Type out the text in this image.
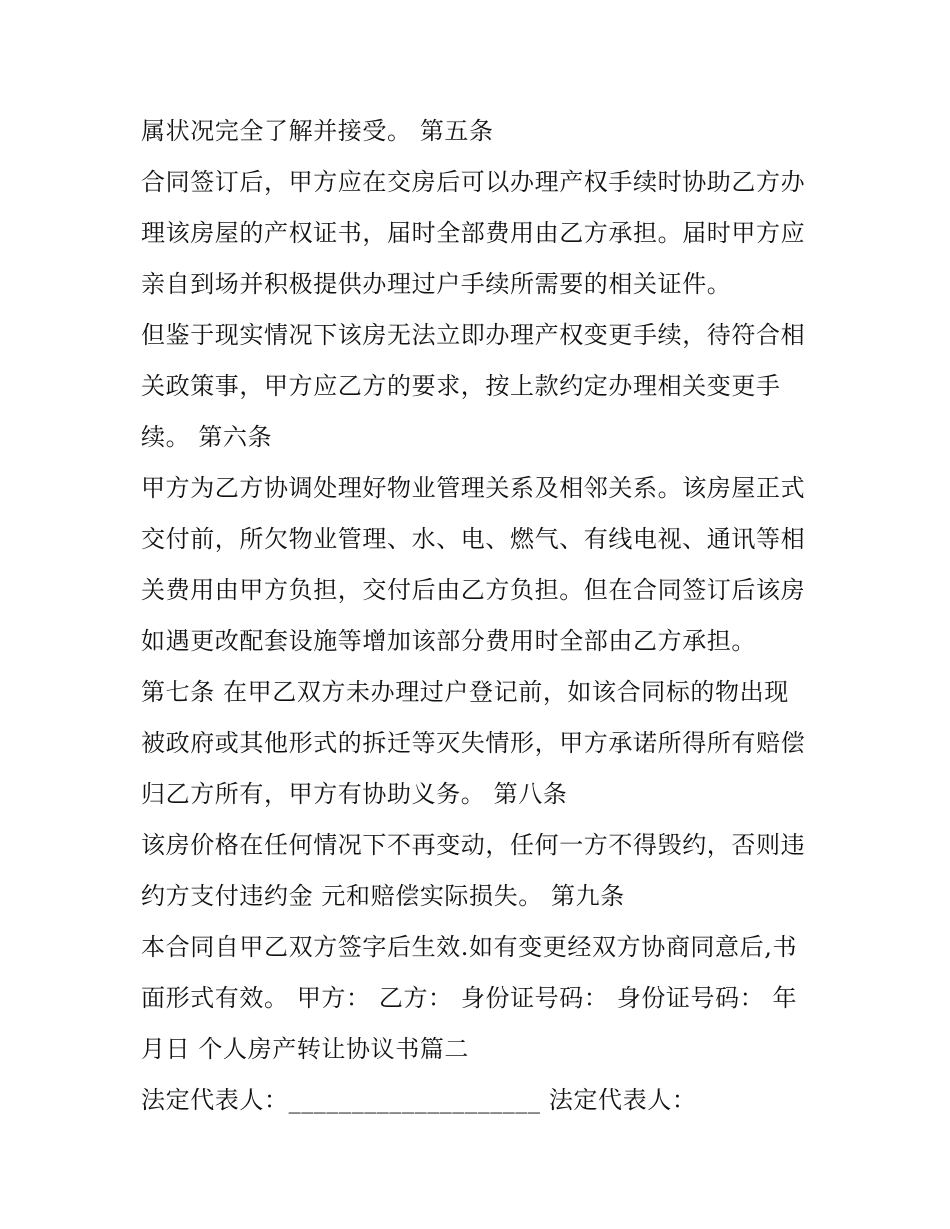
属状况完全了解并接受。 第五条
合同签订后，甲方应在交房后可以办理产权手续时协助乙方办
理该房屋的产权证书，届时全部费用由乙方承担。届时甲方应
亲自到场并积极提供办理过户手续所需要的相关证件。
但鉴于现实情况下该房无法立即办理产权变更手续，待符合相
关政策事，甲方应乙方的要求，按上款约定办理相关变更手
续。 第六条
甲方为乙方协调处理好物业管理关系及相邻关系。该房屋正式
交付前，所欠物业管理、水、电、燃气、有线电视、通讯等相
关费用由甲方负担，交付后由乙方负担。但在合同签订后该房
如遇更改配套设施等增加该部分费用时全部由乙方承担。
第七条 在甲乙双方未办理过户登记前，如该合同标的物出现
被政府或其他形式的拆迁等灭失情形，甲方承诺所得所有赔偿
归乙方所有，甲方有协助义务。 第八条
该房价格在任何情况下不再变动，任何一方不得毁约，否则违
约方支付违约金 元和赔偿实际损失。 第九条
本合同自甲乙双方签字后生效.如有变更经双方协商同意后,书
面形式有效。 甲方： 乙方： 身份证号码： 身份证号码： 年
月日 个人房产转让协议书篇二
法定代表人：____________________ 法定代表人：
